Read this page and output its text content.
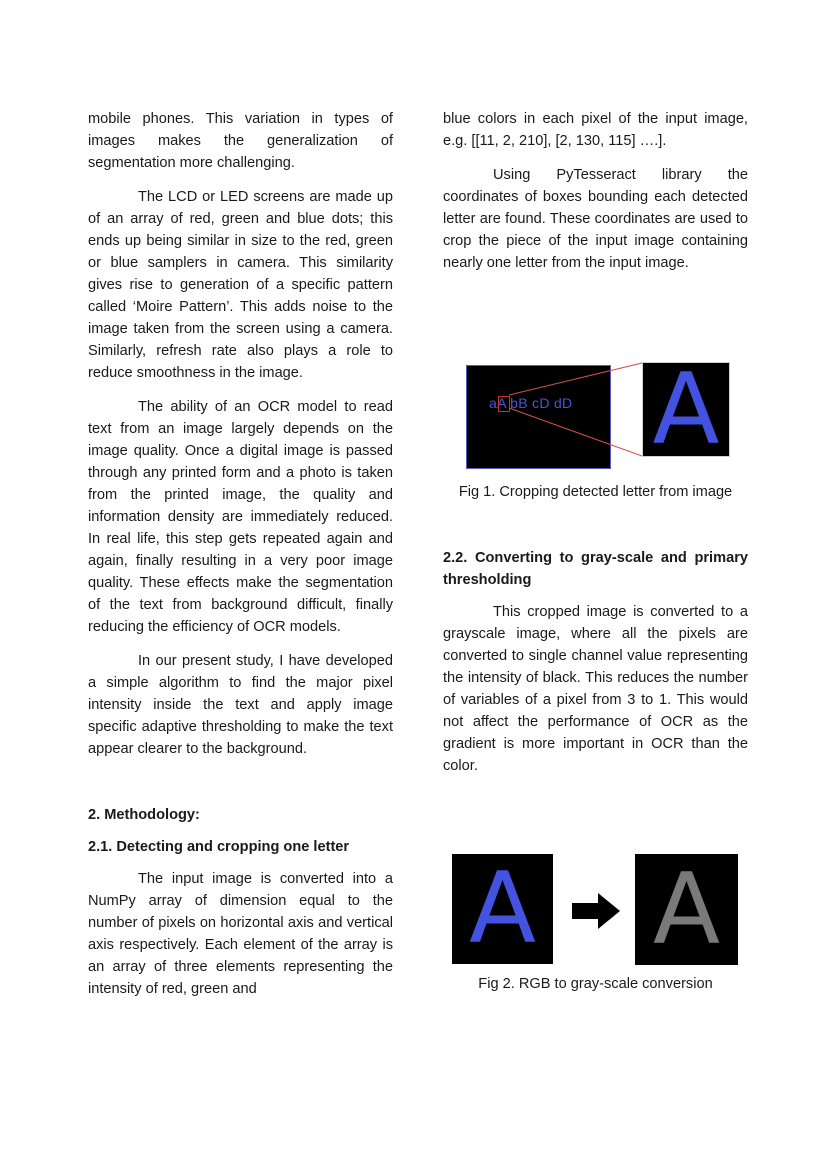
mobile phones. This variation in types of images makes the generalization of segmentation more challenging.

The LCD or LED screens are made up of an array of red, green and blue dots; this ends up being similar in size to the red, green or blue samplers in camera. This similarity gives rise to generation of a specific pattern called ‘Moire Pattern’. This adds noise to the image taken from the screen using a camera. Similarly, refresh rate also plays a role to reduce smoothness in the image.

The ability of an OCR model to read text from an image largely depends on the image quality. Once a digital image is passed through any printed form and a photo is taken from the printed image, the quality and information density are immediately reduced. In real life, this step gets repeated again and again, finally resulting in a very poor image quality. These effects make the segmentation of the text from background difficult, finally reducing the efficiency of OCR models.

In our present study, I have developed a simple algorithm to find the major pixel intensity inside the text and apply image specific adaptive thresholding to make the text appear clearer to the background.

2. Methodology:
2.1. Detecting and cropping one letter

The input image is converted into a NumPy array of dimension equal to the number of pixels on horizontal axis and vertical axis respectively. Each element of the array is an array of three elements representing the intensity of red, green and

blue colors in each pixel of the input image, e.g. [[11, 2, 210], [2, 130, 115] ….].

Using PyTesseract library the coordinates of boxes bounding each detected letter are found. These coordinates are used to crop the piece of the input image containing nearly one letter from the input image.

Fig 1. Cropping detected letter from image
2.2. Converting to gray-scale and primary thresholding

This cropped image is converted to a grayscale image, where all the pixels are converted to single channel value representing the intensity of black. This reduces the number of variables of a pixel from 3 to 1. This would not affect the performance of OCR as the gradient is more important in OCR than the color.

Fig 2. RGB to gray-scale conversion
aA bB cD dD A
A A
